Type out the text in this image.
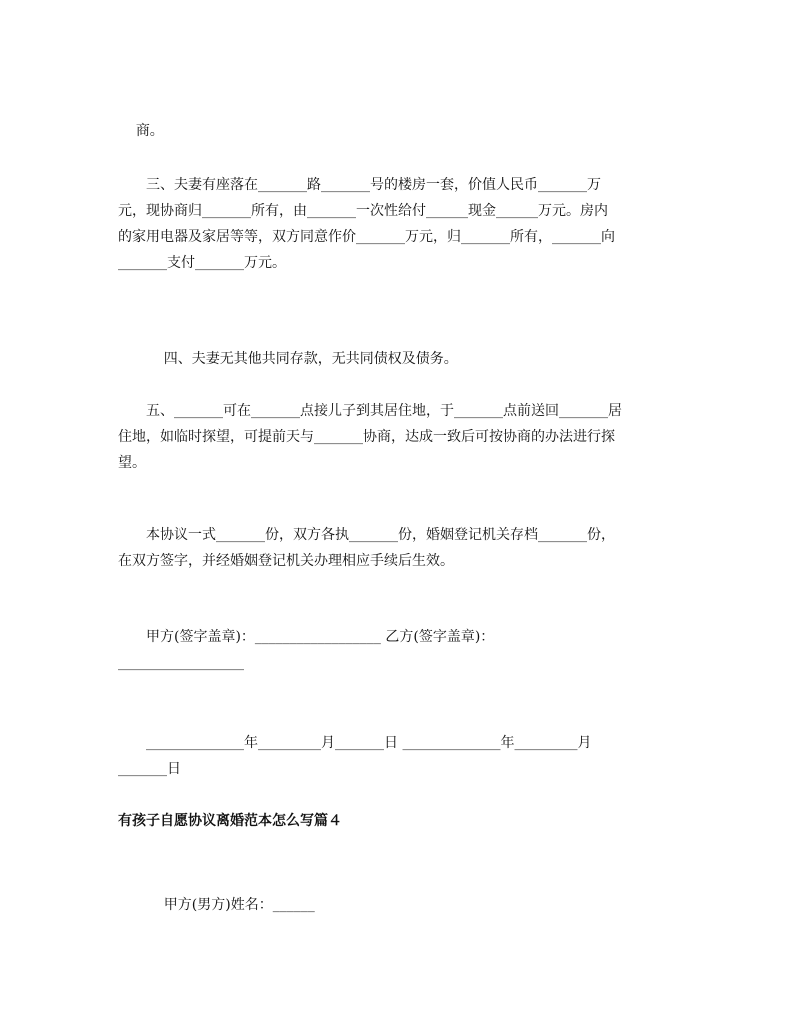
商。

　　三、夫妻有座落在_______路_______号的楼房一套，价值人民币_______万
元，现协商归_______所有，由_______一次性给付______现金______万元。房内
的家用电器及家居等等，双方同意作价_______万元，归_______所有，_______向
_______支付_______万元。

　　四、夫妻无其他共同存款，无共同债权及债务。

　　五、_______可在_______点接儿子到其居住地，于_______点前送回_______居
住地，如临时探望，可提前天与_______协商，达成一致后可按协商的办法进行探
望。

　　本协议一式_______份，双方各执_______份，婚姻登记机关存档_______份，
在双方签字，并经婚姻登记机关办理相应手续后生效。

　　甲方(签字盖章)：__________________ 乙方(签字盖章)：
__________________

　　______________年_________月_______日 ______________年_________月
_______日

有孩子自愿协议离婚范本怎么写篇４

　　甲方(男方)姓名：______
